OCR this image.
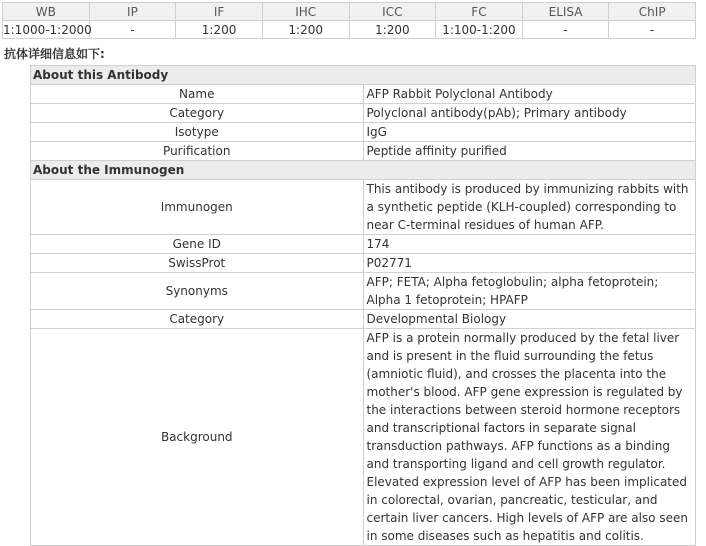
WB	IP	IF	IHC	ICC	FC	ELISA	ChIP
1:1000-1:2000	-	1:200	1:200	1:200	1:100-1:200	-	-
抗体详细信息如下:
About this Antibody	
Name	AFP Rabbit Polyclonal Antibody
Category	Polyclonal antibody(pAb); Primary antibody
Isotype	IgG
Purification	Peptide affinity purified
About the Immunogen	
Immunogen	This antibody is produced by immunizing rabbits with a synthetic peptide (KLH-coupled) corresponding to near C-terminal residues of human AFP.
Gene ID	174
SwissProt	P02771
Synonyms	AFP; FETA; Alpha fetoglobulin; alpha fetoprotein; Alpha 1 fetoprotein; HPAFP
Category	Developmental Biology
Background	AFP is a protein normally produced by the fetal liver and is present in the fluid surrounding the fetus (amniotic fluid), and crosses the placenta into the mother's blood. AFP gene expression is regulated by the interactions between steroid hormone receptors and transcriptional factors in separate signal transduction pathways. AFP functions as a binding and transporting ligand and cell growth regulator. Elevated expression level of AFP has been implicated in colorectal, ovarian, pancreatic, testicular, and certain liver cancers. High levels of AFP are also seen in some diseases such as hepatitis and colitis.
